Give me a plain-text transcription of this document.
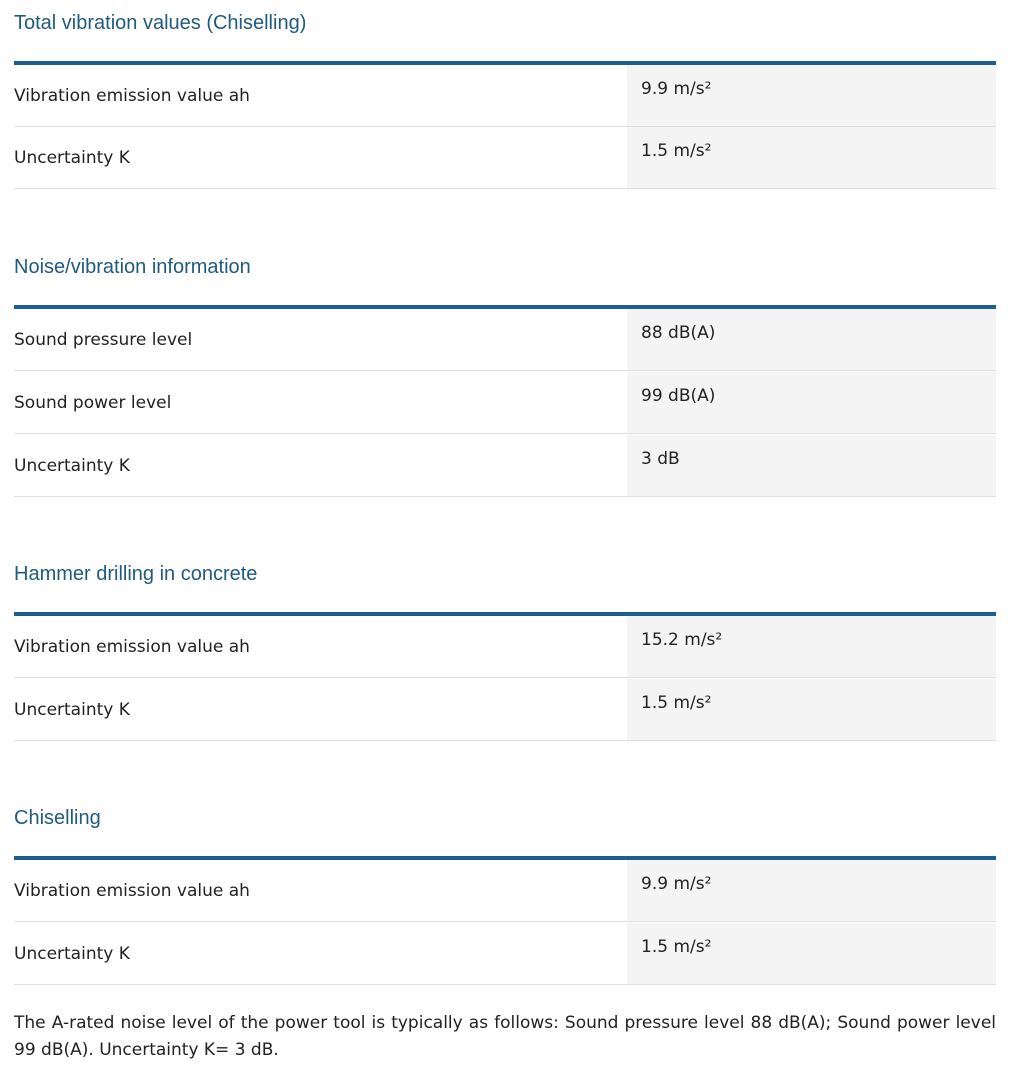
Total vibration values (Chiselling)
Vibration emission value ah	9.9 m/s²
Uncertainty K	1.5 m/s²
Noise/vibration information
Sound pressure level	88 dB(A)
Sound power level	99 dB(A)
Uncertainty K	3 dB
Hammer drilling in concrete
Vibration emission value ah	15.2 m/s²
Uncertainty K	1.5 m/s²
Chiselling
Vibration emission value ah	9.9 m/s²
Uncertainty K	1.5 m/s²

The A-rated noise level of the power tool is typically as follows: Sound pressure level 88 dB(A); Sound power level 99 dB(A). Uncertainty K= 3 dB.
